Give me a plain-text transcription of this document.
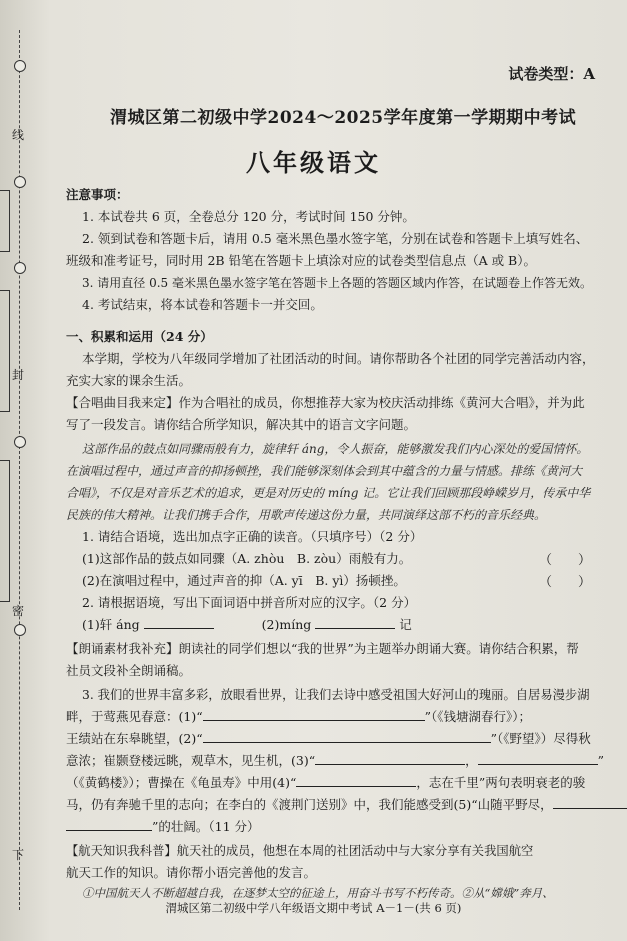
线
封
密
下
试卷类型：A
渭城区第二初级中学2024～2025学年度第一学期期中考试
八年级语文
注意事项：
1. 本试卷共 6 页，全卷总分 120 分，考试时间 150 分钟。
2. 领到试卷和答题卡后，请用 0.5 毫米黑色墨水签字笔，分别在试卷和答题卡上填写姓名、
班级和准考证号，同时用 2B 铅笔在答题卡上填涂对应的试卷类型信息点（A 或 B）。
3. 请用直径 0.5 毫米黑色墨水签字笔在答题卡上各题的答题区域内作答，在试题卷上作答无效。
4. 考试结束，将本试卷和答题卡一并交回。
一、积累和运用（24 分）
本学期，学校为八年级同学增加了社团活动的时间。请你帮助各个社团的同学完善活动内容，
充实大家的课余生活。
【合唱曲目我来定】作为合唱社的成员，你想推荐大家为校庆活动排练《黄河大合唱》，并为此
写了一段发言。请你结合所学知识，解决其中的语言文字问题。
这部作品的鼓点如同骤雨般有力，旋律轩 áng，令人振奋，能够激发我们内心深处的爱国情怀。
在演唱过程中，通过声音的抑扬顿挫，我们能够深刻体会到其中蕴含的力量与情感。排练《黄河大
合唱》，不仅是对音乐艺术的追求，更是对历史的 míng 记。它让我们回顾那段峥嵘岁月，传承中华
民族的伟大精神。让我们携手合作，用歌声传递这份力量，共同演绎这部不朽的音乐经典。
1. 请结合语境，选出加点字正确的读音。（只填序号）（2 分）
(1)这部作品的鼓点如同骤（A. zhòu　B. zòu）雨般有力。	（　　）
(2)在演唱过程中，通过声音的抑（A. yī　B. yì）扬顿挫。	（　　）
2. 请根据语境，写出下面词语中拼音所对应的汉字。（2 分）
(1)轩 áng	(2)míng	记
【朗诵素材我补充】朗读社的同学们想以“我的世界”为主题举办朗诵大赛。请你结合积累，帮
社员文段补全朗诵稿。
3. 我们的世界丰富多彩，放眼看世界，让我们去诗中感受祖国大好河山的瑰丽。自居易漫步湖
畔，于莺燕见春意：(1)“	”（《钱塘湖春行》）；
王绩站在东皋眺望，(2)“	”（《野望》）尽得秋
意浓；崔颢登楼远眺，观草木，见生机，(3)“	，	”
（《黄鹤楼》）；曹操在《龟虽寿》中用(4)“	，志在千里”两句表明衰老的骏
马，仍有奔驰千里的志向；在李白的《渡荆门送别》中，我们能感受到(5)“山随平野尽，
”的壮阔。（11 分）
【航天知识我科普】航天社的成员，他想在本周的社团活动中与大家分享有关我国航空
航天工作的知识。请你帮小语完善他的发言。
①中国航天人不断超越自我，在逐梦太空的征途上，用奋斗书写不朽传奇。②从“嫦娥”奔月、
渭城区第二初级中学八年级语文期中考试 A－1－(共 6 页)
